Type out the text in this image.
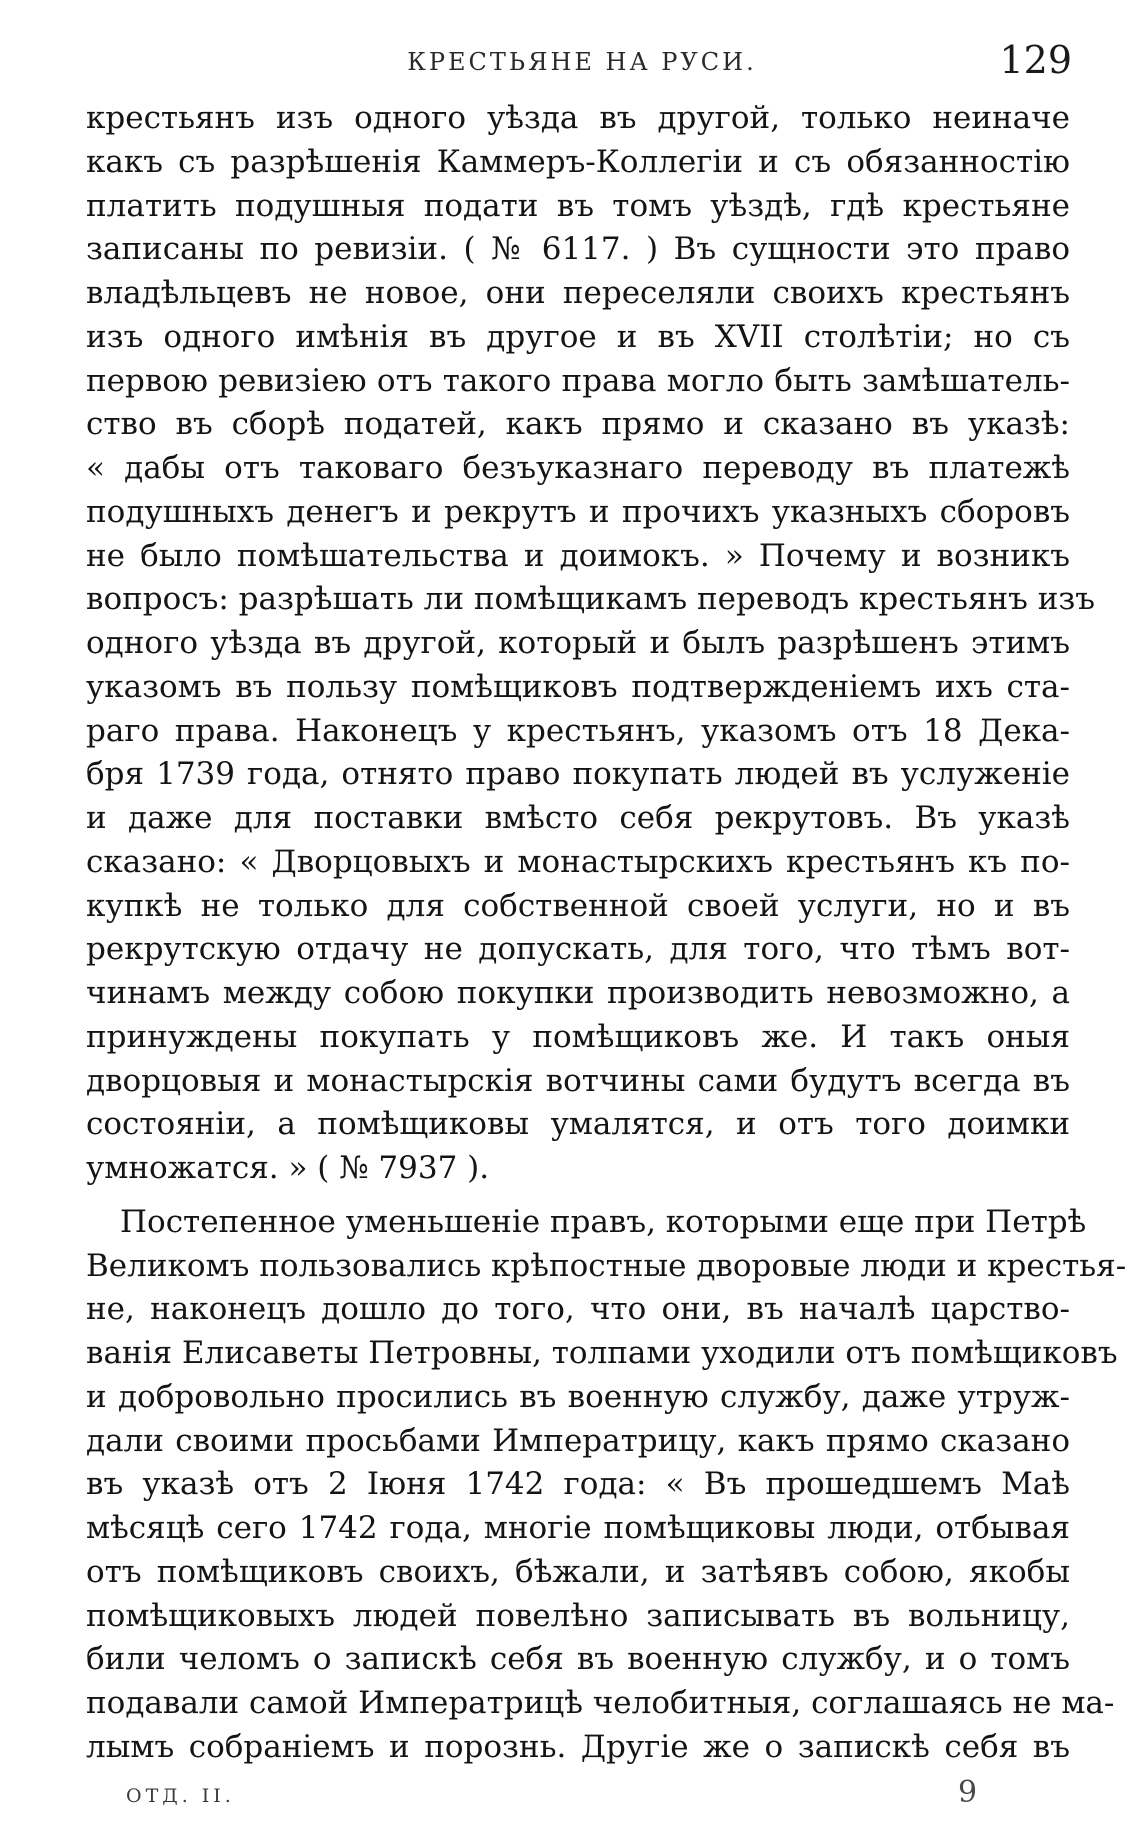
КРЕСТЬЯНЕ НА РУСИ.	129
крестьянъ изъ одного уѣзда въ другой, только неиначе
какъ съ разрѣшенія Каммеръ-Коллегіи и съ обязанностію
платить подушныя подати въ томъ уѣздѣ, гдѣ крестьяне
записаны по ревизіи. ( № 6117. ) Въ сущности это право
владѣльцевъ не новое, они переселяли своихъ крестьянъ
изъ одного имѣнія въ другое и въ XVII столѣтіи; но съ
первою ревизіею отъ такого права могло быть замѣшатель-
ство въ сборѣ податей, какъ прямо и сказано въ указѣ:
« дабы отъ таковаго безъуказнаго переводу въ платежѣ
подушныхъ денегъ и рекрутъ и прочихъ указныхъ сборовъ
не было помѣшательства и доимокъ. » Почему и возникъ
вопросъ: разрѣшать ли помѣщикамъ переводъ крестьянъ изъ
одного уѣзда въ другой, который и былъ разрѣшенъ этимъ
указомъ въ пользу помѣщиковъ подтвержденіемъ ихъ ста-
раго права. Наконецъ у крестьянъ, указомъ отъ 18 Дека-
бря 1739 года, отнято право покупать людей въ услуженіе
и даже для поставки вмѣсто себя рекрутовъ. Въ указѣ
сказано: « Дворцовыхъ и монастырскихъ крестьянъ къ по-
купкѣ не только для собственной своей услуги, но и въ
рекрутскую отдачу не допускать, для того, что тѣмъ вот-
чинамъ между собою покупки производить невозможно, а
принуждены покупать у помѣщиковъ же. И такъ оныя
дворцовыя и монастырскія вотчины сами будутъ всегда въ
состояніи, а помѣщиковы умалятся, и отъ того доимки
умножатся. » ( № 7937 ).
Постепенное уменьшеніе правъ, которыми еще при Петрѣ
Великомъ пользовались крѣпостные дворовые люди и крестья-
не, наконецъ дошло до того, что они, въ началѣ царство-
ванія Елисаветы Петровны, толпами уходили отъ помѣщиковъ
и добровольно просились въ военную службу, даже утруж-
дали своими просьбами Императрицу, какъ прямо сказано
въ указѣ отъ 2 Іюня 1742 года: « Въ прошедшемъ Маѣ
мѣсяцѣ сего 1742 года, многіе помѣщиковы люди, отбывая
отъ помѣщиковъ своихъ, бѣжали, и затѣявъ собою, якобы
помѣщиковыхъ людей повелѣно записывать въ вольницу,
били челомъ о запискѣ себя въ военную службу, и о томъ
подавали самой Императрицѣ челобитныя, соглашаясь не ма-
лымъ собраніемъ и порознь. Другіе же о запискѣ себя въ
ОТД. II.	9
